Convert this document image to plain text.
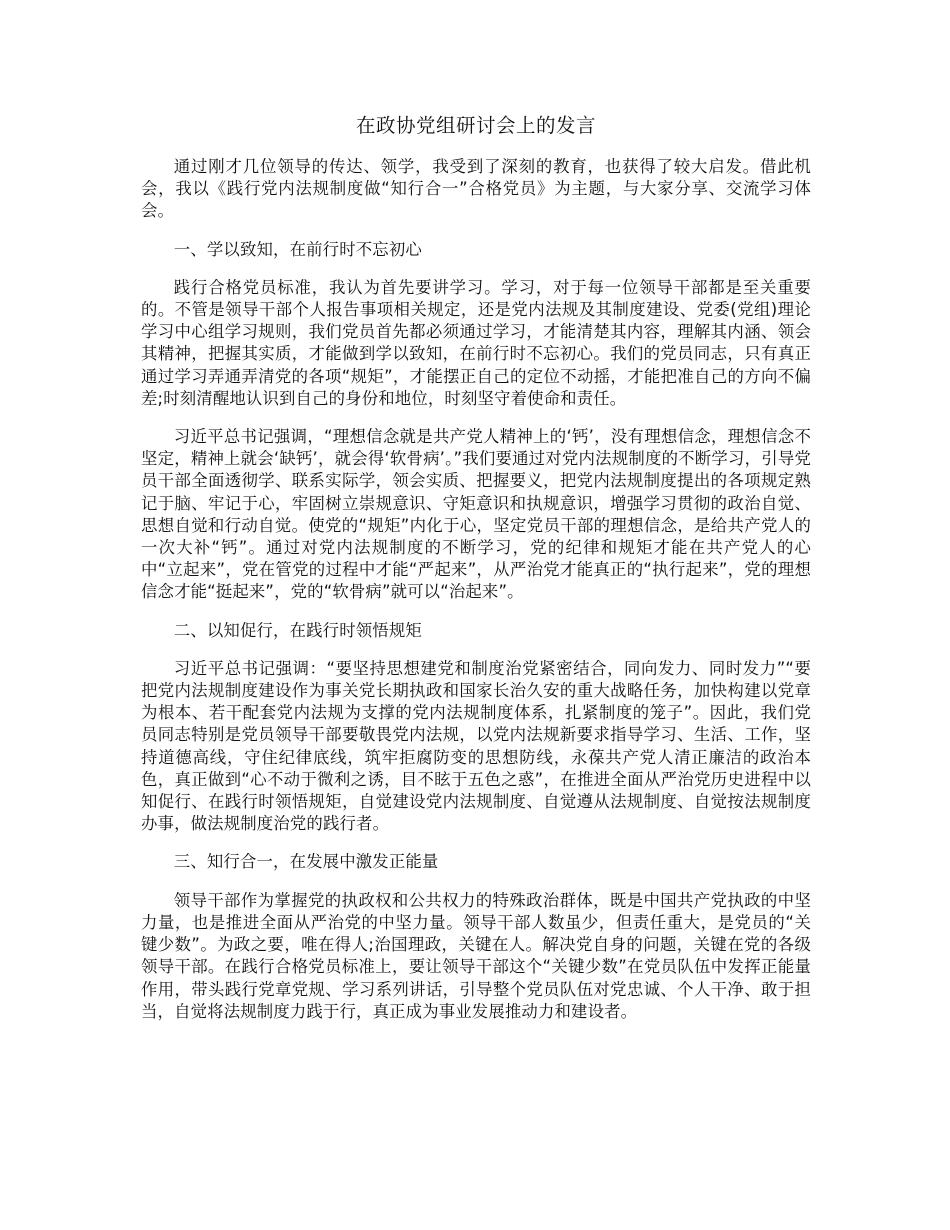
在政协党组研讨会上的发言

通过刚才几位领导的传达、领学，我受到了深刻的教育，也获得了较大启发。借此机会，我以《践行党内法规制度做“知行合一”合格党员》为主题，与大家分享、交流学习体会。

一、学以致知，在前行时不忘初心

践行合格党员标准，我认为首先要讲学习。学习，对于每一位领导干部都是至关重要的。不管是领导干部个人报告事项相关规定，还是党内法规及其制度建设、党委(党组)理论学习中心组学习规则，我们党员首先都必须通过学习，才能清楚其内容，理解其内涵、领会其精神，把握其实质，才能做到学以致知，在前行时不忘初心。我们的党员同志，只有真正通过学习弄通弄清党的各项“规矩”，才能摆正自己的定位不动摇，才能把准自己的方向不偏差;时刻清醒地认识到自己的身份和地位，时刻坚守着使命和责任。

习近平总书记强调，“理想信念就是共产党人精神上的‘钙’，没有理想信念，理想信念不坚定，精神上就会‘缺钙’，就会得‘软骨病’。”我们要通过对党内法规制度的不断学习，引导党员干部全面透彻学、联系实际学，领会实质、把握要义，把党内法规制度提出的各项规定熟记于脑、牢记于心，牢固树立崇规意识、守矩意识和执规意识，增强学习贯彻的政治自觉、思想自觉和行动自觉。使党的“规矩”内化于心，坚定党员干部的理想信念，是给共产党人的一次大补“钙”。通过对党内法规制度的不断学习，党的纪律和规矩才能在共产党人的心中“立起来”，党在管党的过程中才能“严起来”，从严治党才能真正的“执行起来”，党的理想信念才能“挺起来”，党的“软骨病”就可以“治起来”。

二、以知促行，在践行时领悟规矩

习近平总书记强调：“要坚持思想建党和制度治党紧密结合，同向发力、同时发力”“要把党内法规制度建设作为事关党长期执政和国家长治久安的重大战略任务，加快构建以党章为根本、若干配套党内法规为支撑的党内法规制度体系，扎紧制度的笼子”。因此，我们党员同志特别是党员领导干部要敬畏党内法规，以党内法规新要求指导学习、生活、工作，坚持道德高线，守住纪律底线，筑牢拒腐防变的思想防线，永葆共产党人清正廉洁的政治本色，真正做到“心不动于微利之诱，目不眩于五色之惑”，在推进全面从严治党历史进程中以知促行、在践行时领悟规矩，自觉建设党内法规制度、自觉遵从法规制度、自觉按法规制度办事，做法规制度治党的践行者。

三、知行合一，在发展中激发正能量

领导干部作为掌握党的执政权和公共权力的特殊政治群体，既是中国共产党执政的中坚力量，也是推进全面从严治党的中坚力量。领导干部人数虽少，但责任重大，是党员的“关键少数”。为政之要，唯在得人;治国理政，关键在人。解决党自身的问题，关键在党的各级领导干部。在践行合格党员标准上，要让领导干部这个“关键少数”在党员队伍中发挥正能量作用，带头践行党章党规、学习系列讲话，引导整个党员队伍对党忠诚、个人干净、敢于担当，自觉将法规制度力践于行，真正成为事业发展推动力和建设者。
